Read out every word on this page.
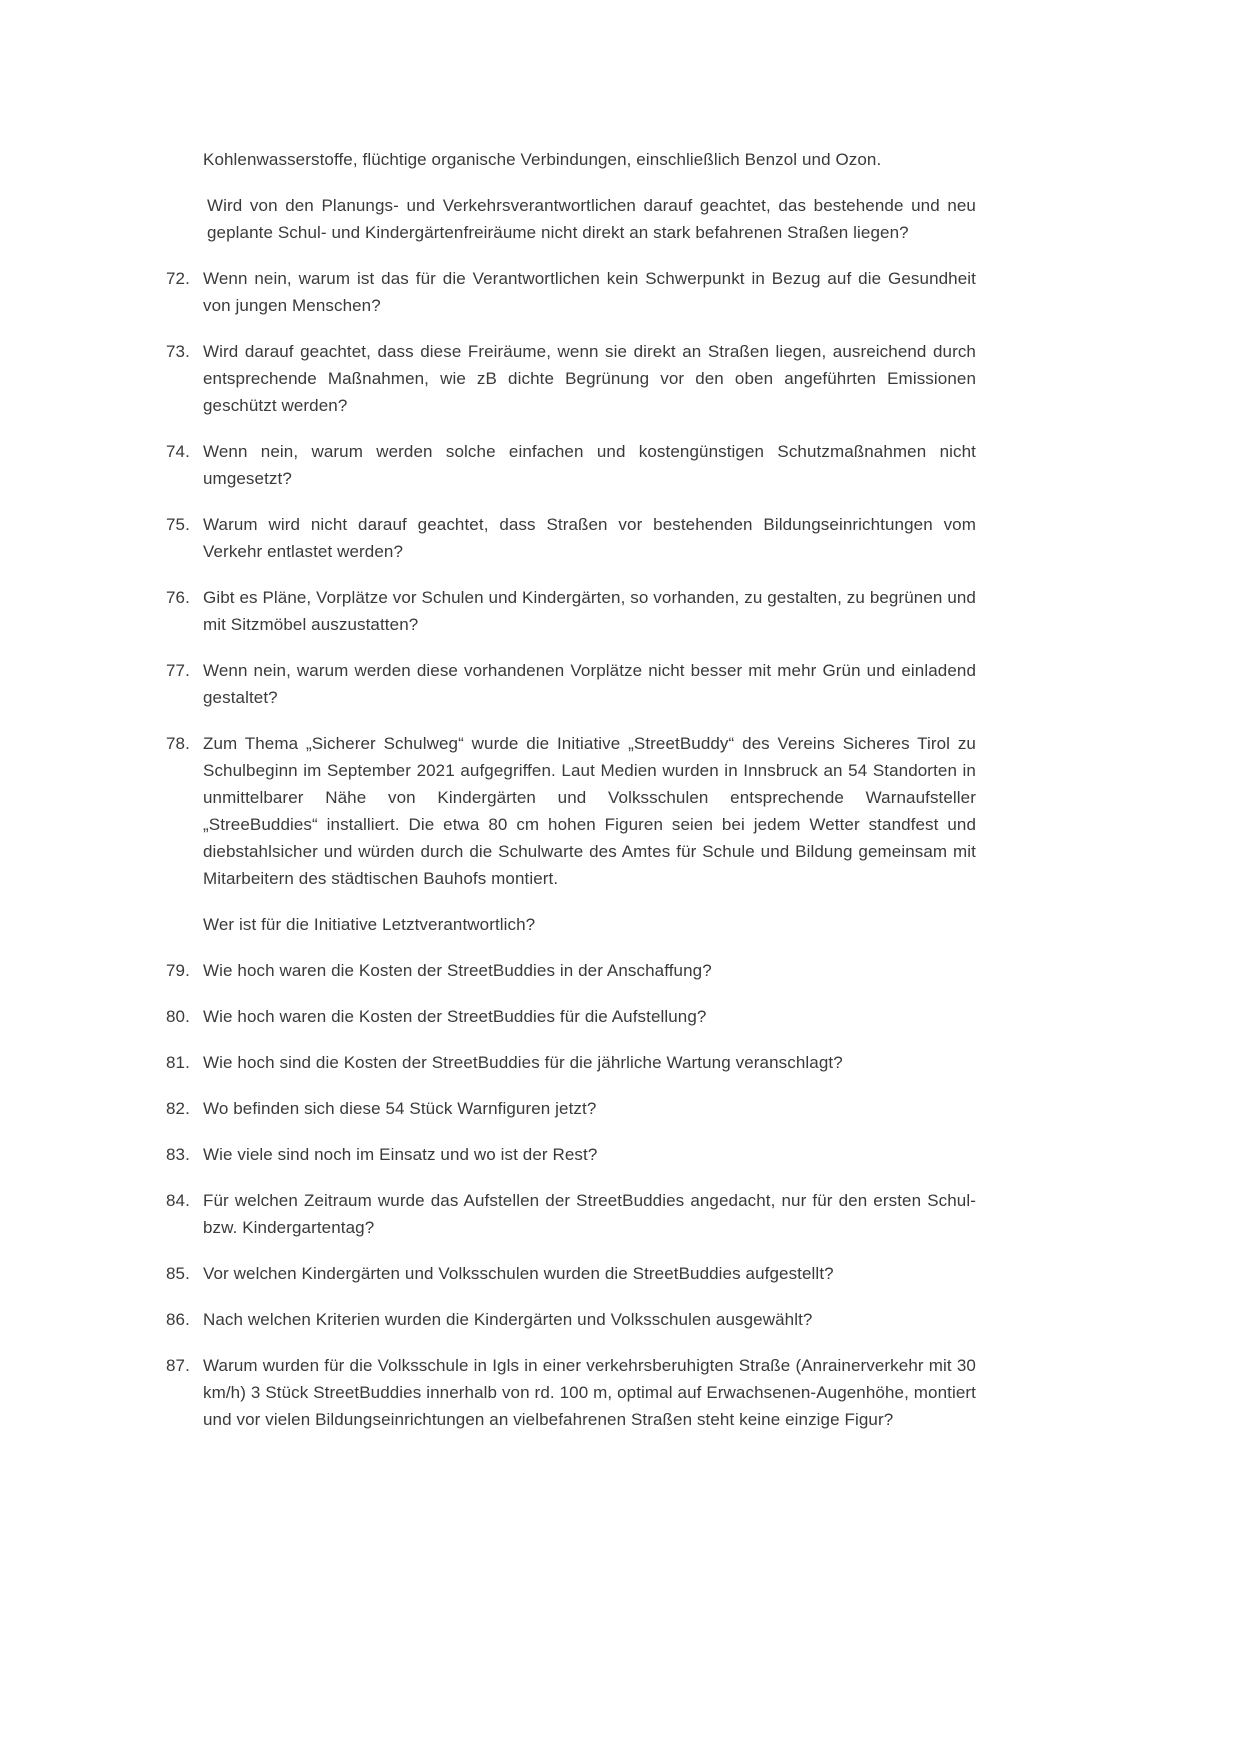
Kohlenwasserstoffe, flüchtige organische Verbindungen, einschließlich Benzol und Ozon.

Wird von den Planungs- und Verkehrsverantwortlichen darauf geachtet, das bestehende und neu geplante Schul- und Kindergärtenfreiräume nicht direkt an stark befahrenen Straßen liegen?

72. Wenn nein, warum ist das für die Verantwortlichen kein Schwerpunkt in Bezug auf die Gesundheit von jungen Menschen?

73. Wird darauf geachtet, dass diese Freiräume, wenn sie direkt an Straßen liegen, ausreichend durch entsprechende Maßnahmen, wie zB dichte Begrünung vor den oben angeführten Emissionen geschützt werden?

74. Wenn nein, warum werden solche einfachen und kostengünstigen Schutzmaßnahmen nicht umgesetzt?

75. Warum wird nicht darauf geachtet, dass Straßen vor bestehenden Bildungseinrichtungen vom Verkehr entlastet werden?

76. Gibt es Pläne, Vorplätze vor Schulen und Kindergärten, so vorhanden, zu gestalten, zu begrünen und mit Sitzmöbel auszustatten?

77. Wenn nein, warum werden diese vorhandenen Vorplätze nicht besser mit mehr Grün und einladend gestaltet?

78. Zum Thema „Sicherer Schulweg“ wurde die Initiative „StreetBuddy“ des Vereins Sicheres Tirol zu Schulbeginn im September 2021 aufgegriffen. Laut Medien wurden in Innsbruck an 54 Standorten in unmittelbarer Nähe von Kindergärten und Volksschulen entsprechende Warnaufsteller „StreeBuddies“ installiert. Die etwa 80 cm hohen Figuren seien bei jedem Wetter standfest und diebstahlsicher und würden durch die Schulwarte des Amtes für Schule und Bildung gemeinsam mit Mitarbeitern des städtischen Bauhofs montiert.

Wer ist für die Initiative Letztverantwortlich?

79. Wie hoch waren die Kosten der StreetBuddies in der Anschaffung?

80. Wie hoch waren die Kosten der StreetBuddies für die Aufstellung?

81. Wie hoch sind die Kosten der StreetBuddies für die jährliche Wartung veranschlagt?

82. Wo befinden sich diese 54 Stück Warnfiguren jetzt?

83. Wie viele sind noch im Einsatz und wo ist der Rest?

84. Für welchen Zeitraum wurde das Aufstellen der StreetBuddies angedacht, nur für den ersten Schul- bzw. Kindergartentag?

85. Vor welchen Kindergärten und Volksschulen wurden die StreetBuddies aufgestellt?

86. Nach welchen Kriterien wurden die Kindergärten und Volksschulen ausgewählt?

87. Warum wurden für die Volksschule in Igls in einer verkehrsberuhigten Straße (Anrainerverkehr mit 30 km/h) 3 Stück StreetBuddies innerhalb von rd. 100 m, optimal auf Erwachsenen-Augenhöhe, montiert und vor vielen Bildungseinrichtungen an vielbefahrenen Straßen steht keine einzige Figur?
